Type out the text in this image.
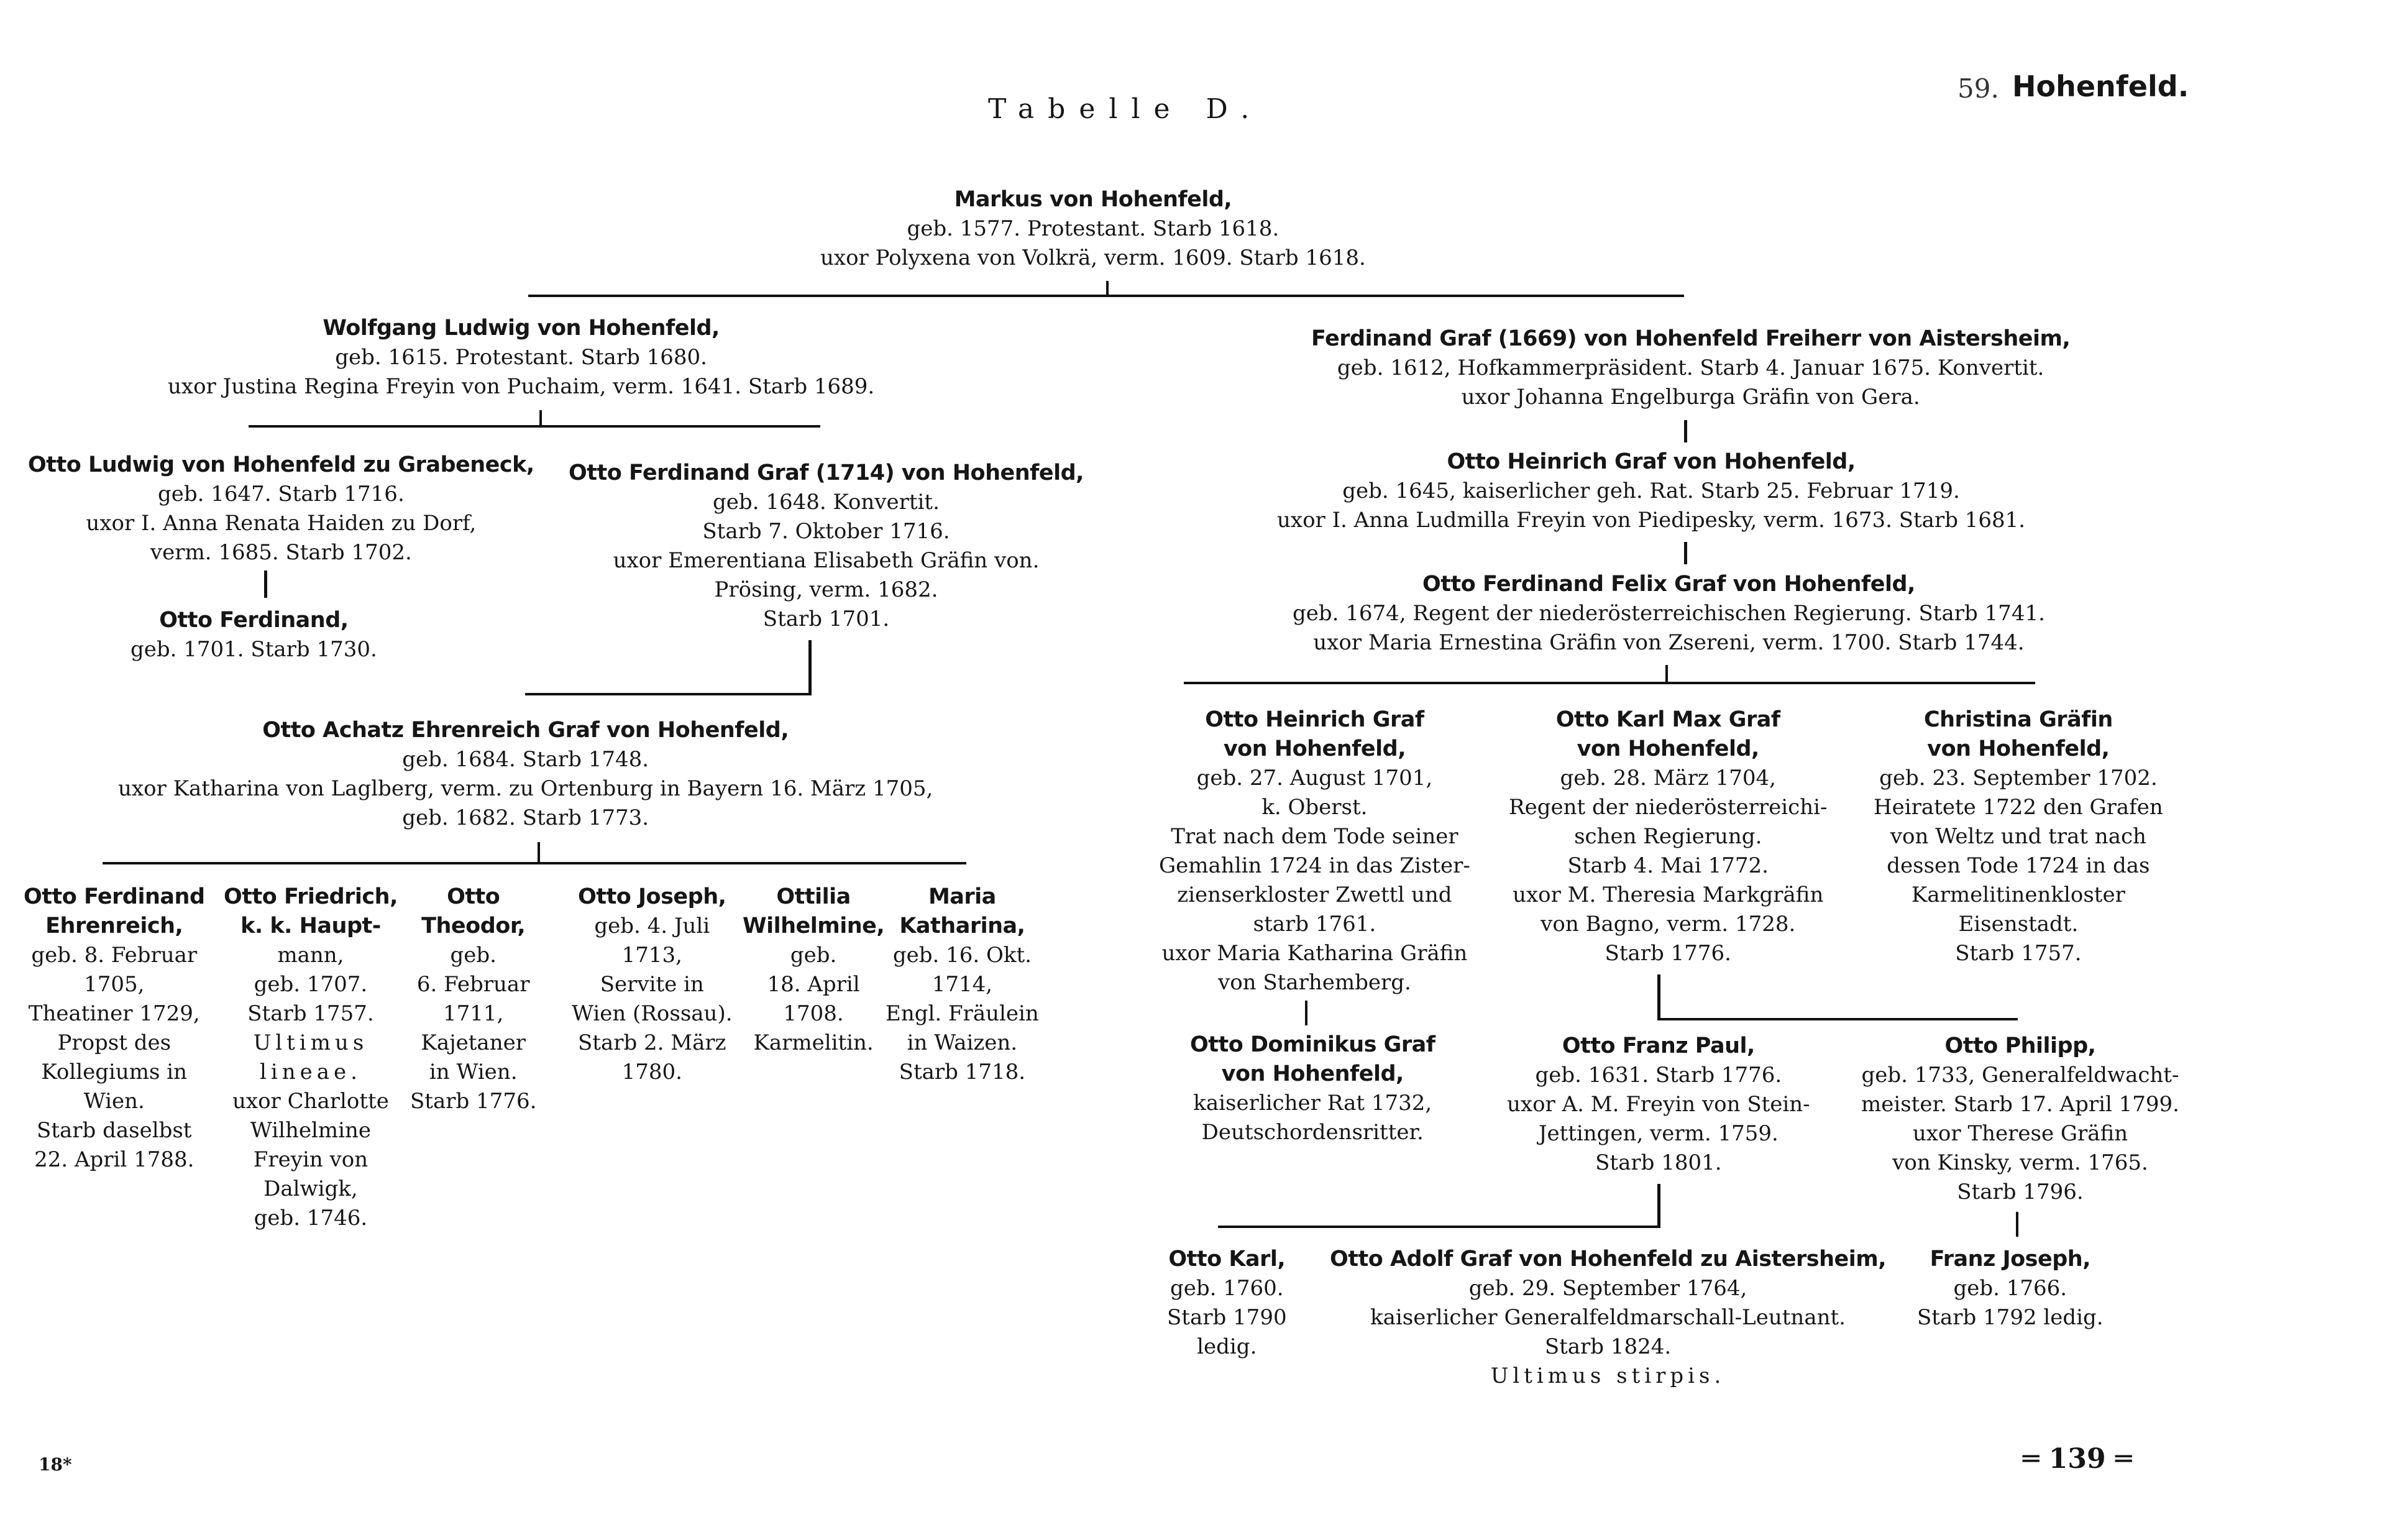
Tabelle D.
59. Hohenfeld.
Markus von Hohenfeld,
geb. 1577. Protestant. Starb 1618.
uxor Polyxena von Volkrä, verm. 1609. Starb 1618.
Wolfgang Ludwig von Hohenfeld,
geb. 1615. Protestant. Starb 1680.
uxor Justina Regina Freyin von Puchaim, verm. 1641. Starb 1689.
Ferdinand Graf (1669) von Hohenfeld Freiherr von Aistersheim,
geb. 1612, Hofkammerpräsident. Starb 4. Januar 1675. Konvertit.
uxor Johanna Engelburga Gräfin von Gera.
Otto Ludwig von Hohenfeld zu Grabeneck,
geb. 1647. Starb 1716.
uxor I. Anna Renata Haiden zu Dorf,
verm. 1685. Starb 1702.
Otto Ferdinand,
geb. 1701. Starb 1730.
Otto Ferdinand Graf (1714) von Hohenfeld,
geb. 1648. Konvertit.
Starb 7. Oktober 1716.
uxor Emerentiana Elisabeth Gräfin von.
Prösing, verm. 1682.
Starb 1701.
Otto Heinrich Graf von Hohenfeld,
geb. 1645, kaiserlicher geh. Rat. Starb 25. Februar 1719.
uxor I. Anna Ludmilla Freyin von Piedipesky, verm. 1673. Starb 1681.
Otto Ferdinand Felix Graf von Hohenfeld,
geb. 1674, Regent der niederösterreichischen Regierung. Starb 1741.
uxor Maria Ernestina Gräfin von Zsereni, verm. 1700. Starb 1744.
Otto Achatz Ehrenreich Graf von Hohenfeld,
geb. 1684. Starb 1748.
uxor Katharina von Laglberg, verm. zu Ortenburg in Bayern 16. März 1705,
geb. 1682. Starb 1773.
Otto Ferdinand
Ehrenreich,
geb. 8. Februar
1705,
Theatiner 1729,
Propst des
Kollegiums in
Wien.
Starb daselbst
22. April 1788.
Otto Friedrich,
k. k. Haupt-
mann,
geb. 1707.
Starb 1757.
Ultimus
lineae.
uxor Charlotte
Wilhelmine
Freyin von
Dalwigk,
geb. 1746.
Otto
Theodor,
geb.
6. Februar
1711,
Kajetaner
in Wien.
Starb 1776.
Otto Joseph,
geb. 4. Juli
1713,
Servite in
Wien (Rossau).
Starb 2. März
1780.
Ottilia
Wilhelmine,
geb.
18. April
1708.
Karmelitin.
Maria
Katharina,
geb. 16. Okt.
1714,
Engl. Fräulein
in Waizen.
Starb 1718.
Otto Heinrich Graf
von Hohenfeld,
geb. 27. August 1701,
k. Oberst.
Trat nach dem Tode seiner
Gemahlin 1724 in das Zister-
zienserkloster Zwettl und
starb 1761.
uxor Maria Katharina Gräfin
von Starhemberg.
Otto Dominikus Graf
von Hohenfeld,
kaiserlicher Rat 1732,
Deutschordensritter.
Otto Karl Max Graf
von Hohenfeld,
geb. 28. März 1704,
Regent der niederösterreichi-
schen Regierung.
Starb 4. Mai 1772.
uxor M. Theresia Markgräfin
von Bagno, verm. 1728.
Starb 1776.
Christina Gräfin
von Hohenfeld,
geb. 23. September 1702.
Heiratete 1722 den Grafen
von Weltz und trat nach
dessen Tode 1724 in das
Karmelitinenkloster
Eisenstadt.
Starb 1757.
Otto Franz Paul,
geb. 1631. Starb 1776.
uxor A. M. Freyin von Stein-
Jettingen, verm. 1759.
Starb 1801.
Otto Philipp,
geb. 1733, Generalfeldwacht-
meister. Starb 17. April 1799.
uxor Therese Gräfin
von Kinsky, verm. 1765.
Starb 1796.
Franz Joseph,
geb. 1766.
Starb 1792 ledig.
Otto Karl,
geb. 1760.
Starb 1790
ledig.
Otto Adolf Graf von Hohenfeld zu Aistersheim,
geb. 29. September 1764,
kaiserlicher Generalfeldmarschall-Leutnant.
Starb 1824.
Ultimus stirpis.
18*	═ 139 ═
